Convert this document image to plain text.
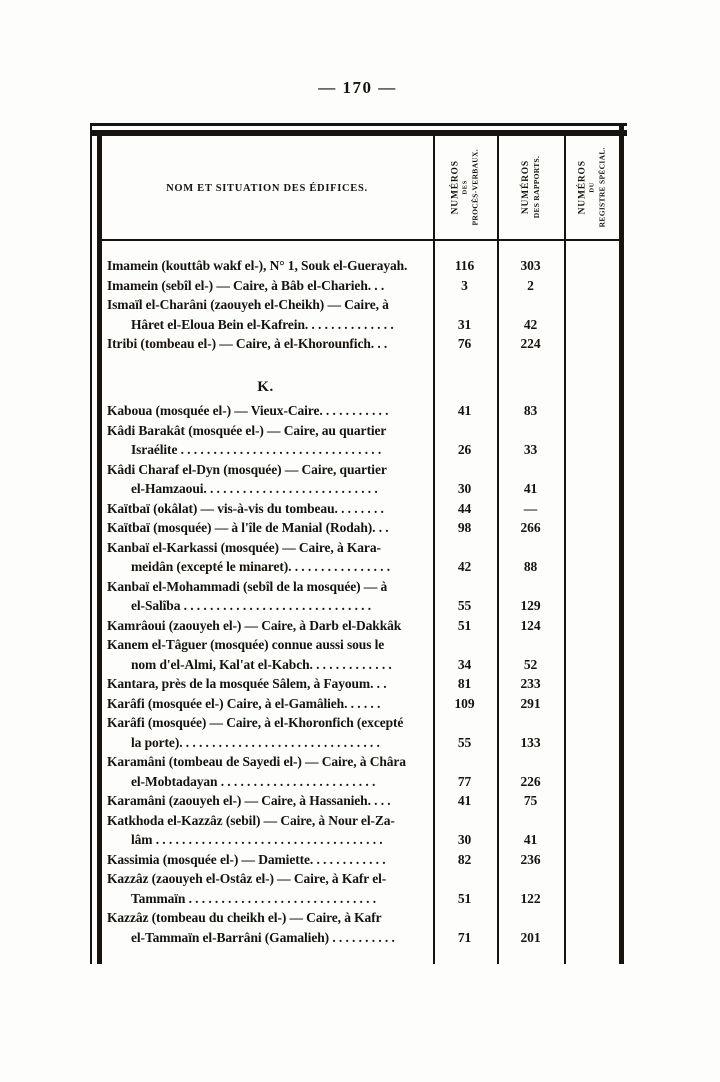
— 170 —
NOM ET SITUATION DES ÉDIFICES.	NUMÉROS DES PROCÈS-VERBAUX.	NUMÉROS DES RAPPORTS.	NUMÉROS DU REGISTRE SPÉCIAL.
Imamein (kouttâb wakf el-), N° 1, Souk el-Guerayah.	116	303
Imamein (sebîl el-) — Caire, à Bâb el-Charieh...	3	2
Ismaïl el-Charâni (zaouyeh el-Cheikh) — Caire, à
Hâret el-Eloua Bein el-Kafrein..............	31	42
Itribi (tombeau el-) — Caire, à el-Khorounfich...	76	224
K.
Kaboua (mosquée el-) — Vieux-Caire...........	41	83
Kâdi Barakât (mosquée el-) — Caire, au quartier
Israélite ...............................	26	33
Kâdi Charaf el-Dyn (mosquée) — Caire, quartier
el-Hamzaoui...........................	30	41
Kaïtbaï (okâlat) — vis-à-vis du tombeau........	44	—
Kaïtbaï (mosquée) — à l'île de Manial (Rodah)...	98	266
Kanbaï el-Karkassi (mosquée) — Caire, à Kara-
meidân (excepté le minaret)................	42	88
Kanbaï el-Mohammadi (sebîl de la mosquée) — à
el-Salîba .............................	55	129
Kamrâoui (zaouyeh el-) — Caire, à Darb el-Dakkâk	51	124
Kanem el-Tâguer (mosquée) connue aussi sous le
nom d'el-Almi, Kal'at el-Kabch.............	34	52
Kantara, près de la mosquée Sâlem, à Fayoum...	81	233
Karâfi (mosquée el-) Caire, à el-Gamâlieh......	109	291
Karâfi (mosquée) — Caire, à el-Khoronfich (excepté
la porte)...............................	55	133
Karamâni (tombeau de Sayedi el-) — Caire, à Châra
el-Mobtadayan ........................	77	226
Karamâni (zaouyeh el-) — Caire, à Hassanieh....	41	75
Katkhoda el-Kazzâz (sebil) — Caire, à Nour el-Za-
lâm ...................................	30	41
Kassimia (mosquée el-) — Damiette............	82	236
Kazzâz (zaouyeh el-Ostâz el-) — Caire, à Kafr el-
Tammaïn .............................	51	122
Kazzâz (tombeau du cheikh el-) — Caire, à Kafr
el-Tammaïn el-Barrâni (Gamalieh) ..........	71	201
